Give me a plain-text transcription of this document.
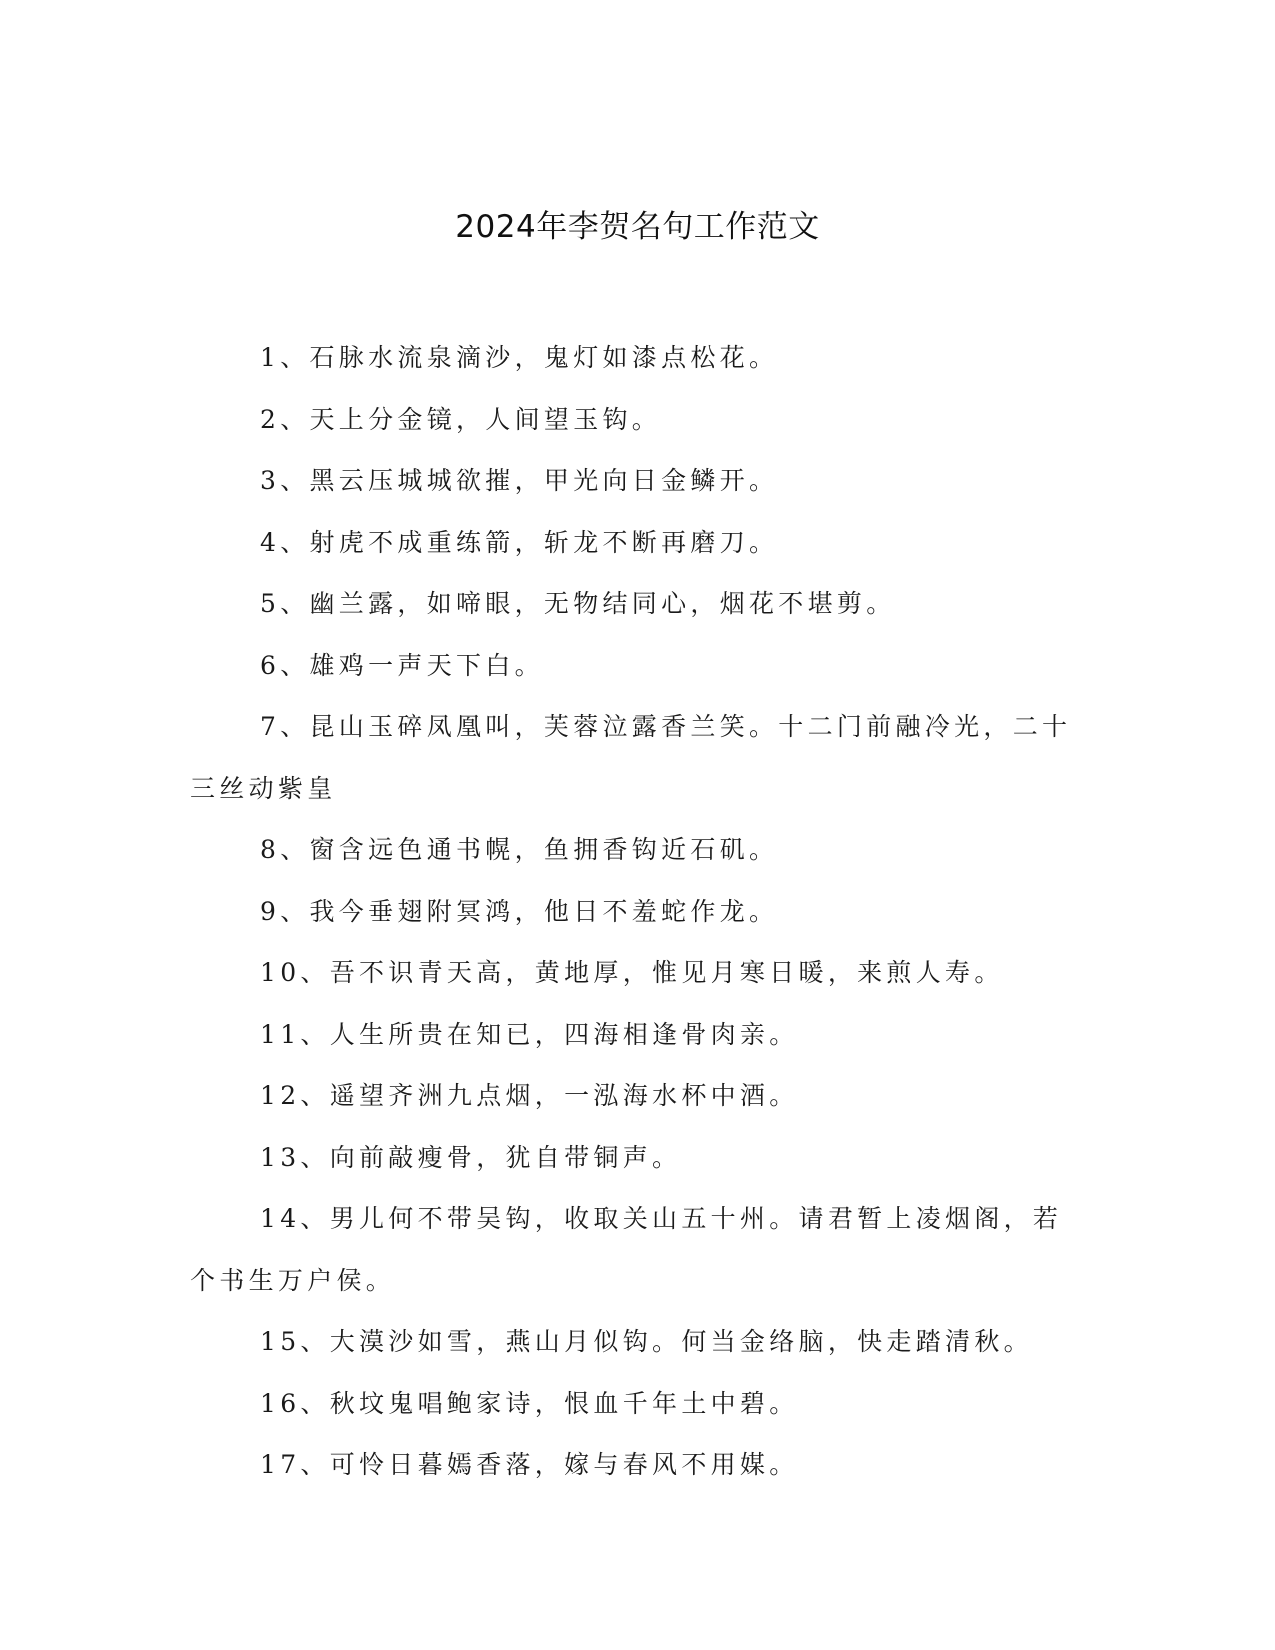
2024年李贺名句工作范文

1、石脉水流泉滴沙，鬼灯如漆点松花。

2、天上分金镜，人间望玉钩。

3、黑云压城城欲摧，甲光向日金鳞开。

4、射虎不成重练箭，斩龙不断再磨刀。

5、幽兰露，如啼眼，无物结同心，烟花不堪剪。

6、雄鸡一声天下白。

7、昆山玉碎凤凰叫，芙蓉泣露香兰笑。十二门前融冷光，二十三丝动紫皇

8、窗含远色通书幌，鱼拥香钩近石矶。

9、我今垂翅附冥鸿，他日不羞蛇作龙。

10、吾不识青天高，黄地厚，惟见月寒日暖，来煎人寿。

11、人生所贵在知已，四海相逢骨肉亲。

12、遥望齐洲九点烟，一泓海水杯中酒。

13、向前敲瘦骨，犹自带铜声。

14、男儿何不带吴钩，收取关山五十州。请君暂上凌烟阁，若个书生万户侯。

15、大漠沙如雪，燕山月似钩。何当金络脑，快走踏清秋。

16、秋坟鬼唱鲍家诗，恨血千年土中碧。

17、可怜日暮嫣香落，嫁与春风不用媒。
